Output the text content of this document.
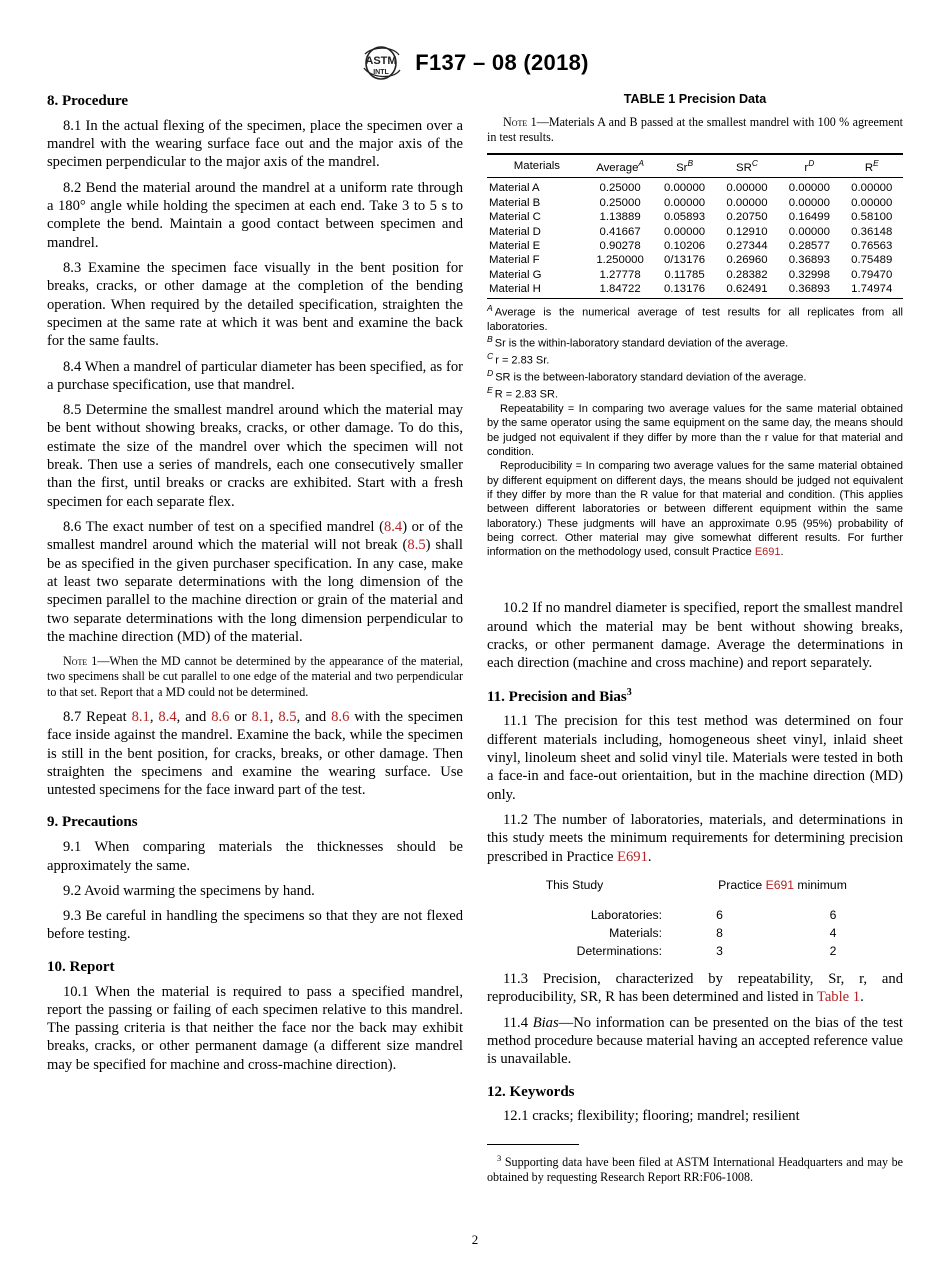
ASTM
INTL F137 – 08 (2018)
8. Procedure

8.1 In the actual flexing of the specimen, place the specimen over a mandrel with the wearing surface face out and the major axis of the specimen perpendicular to the major axis of the mandrel.

8.2 Bend the material around the mandrel at a uniform rate through a 180° angle while holding the specimen at each end. Take 3 to 5 s to complete the bend. Maintain a good contact between specimen and mandrel.

8.3 Examine the specimen face visually in the bent position for breaks, cracks, or other damage at the completion of the bending operation. When required by the detailed specification, straighten the specimen at the same rate at which it was bent and examine the back for the same faults.

8.4 When a mandrel of particular diameter has been specified, as for a purchase specification, use that mandrel.

8.5 Determine the smallest mandrel around which the material may be bent without showing breaks, cracks, or other damage. To do this, estimate the size of the mandrel over which the specimen will not break. Then use a series of mandrels, each one consecutively smaller than the first, until breaks or cracks are exhibited. Start with a fresh specimen for each separate flex.

8.6 The exact number of test on a specified mandrel (8.4) or of the smallest mandrel around which the material will not break (8.5) shall be as specified in the given purchaser specification. In any case, make at least two separate determinations with the long dimension of the specimen parallel to the machine direction or grain of the material and two separate determinations with the long dimension perpendicular to the machine direction (MD) of the material.

Note 1—When the MD cannot be determined by the appearance of the material, two specimens shall be cut parallel to one edge of the material and two perpendicular to that set. Report that a MD could not be determined.

8.7 Repeat 8.1, 8.4, and 8.6 or 8.1, 8.5, and 8.6 with the specimen face inside against the mandrel. Examine the back, while the specimen is still in the bent position, for cracks, breaks, or other damage. Then straighten the specimens and examine the wearing surface. Use untested specimens for the face inward part of the test.

9. Precautions

9.1 When comparing materials the thicknesses should be approximately the same.

9.2 Avoid warming the specimens by hand.

9.3 Be careful in handling the specimens so that they are not flexed before testing.

10. Report

10.1 When the material is required to pass a specified mandrel, report the passing or failing of each specimen relative to this mandrel. The passing criteria is that neither the face nor the back may exhibit breaks, cracks, or other permanent damage (a different size mandrel may be specified for machine and cross-machine direction).

TABLE 1 Precision Data

Note 1—Materials A and B passed at the smallest mandrel with 100 % agreement in test results.

Materials	Average$^A$	Sr$^B$	SR$^C$	r$^D$	R$^E$
Material A	0.25000	0.00000	0.00000	0.00000	0.00000
Material B	0.25000	0.00000	0.00000	0.00000	0.00000
Material C	1.13889	0.05893	0.20750	0.16499	0.58100
Material D	0.41667	0.00000	0.12910	0.00000	0.36148
Material E	0.90278	0.10206	0.27344	0.28577	0.76563
Material F	1.250000	0/13176	0.26960	0.36893	0.75489
Material G	1.27778	0.11785	0.28382	0.32998	0.79470
Material H	1.84722	0.13176	0.62491	0.36893	1.74974
$^A$ Average is the numerical average of test results for all replicates from all laboratories.
$^B$ Sr is the within-laboratory standard deviation of the average.
$^C$ r = 2.83 Sr.
$^D$ SR is the between-laboratory standard deviation of the average.
$^E$ R = 2.83 SR.

Repeatability = In comparing two average values for the same material obtained by the same operator using the same equipment on the same day, the means should be judged not equivalent if they differ by more than the r value for that material and condition.

Reproducibility = In comparing two average values for the same material obtained by different equipment on different days, the means should be judged not equivalent if they differ by more than the R value for that material and condition. (This applies between different laboratories or between different equipment within the same laboratory.) These judgments will have an approximate 0.95 (95%) probability of being correct. Other material may give somewhat different results. For further information on the methodology used, consult Practice E691.

10.2 If no mandrel diameter is specified, report the smallest mandrel around which the material may be bent without showing breaks, cracks, or other permanent damage. Average the determinations in each direction (machine and cross machine) and report separately.

11. Precision and Bias$^3$

11.1 The precision for this test method was determined on four different materials including, homogeneous sheet vinyl, inlaid sheet vinyl, linoleum sheet and solid vinyl tile. Materials were tested in both a face-in and face-out orientaition, but in the machine direction (MD) only.

11.2 The number of laboratories, materials, and determinations in this study meets the minimum requirements for determining precision prescribed in Practice E691.

This Study	Practice E691 minimum
Laboratories:	6	6
Materials:	8	4
Determinations:	3	2

11.3 Precision, characterized by repeatability, Sr, r, and reproducibility, SR, R has been determined and listed in Table 1.

11.4 Bias—No information can be presented on the bias of the test method procedure because material having an accepted reference value is unavailable.

12. Keywords

12.1 cracks; flexibility; flooring; mandrel; resilient

$^3$ Supporting data have been filed at ASTM International Headquarters and may be obtained by requesting Research Report RR:F06-1008.

2
